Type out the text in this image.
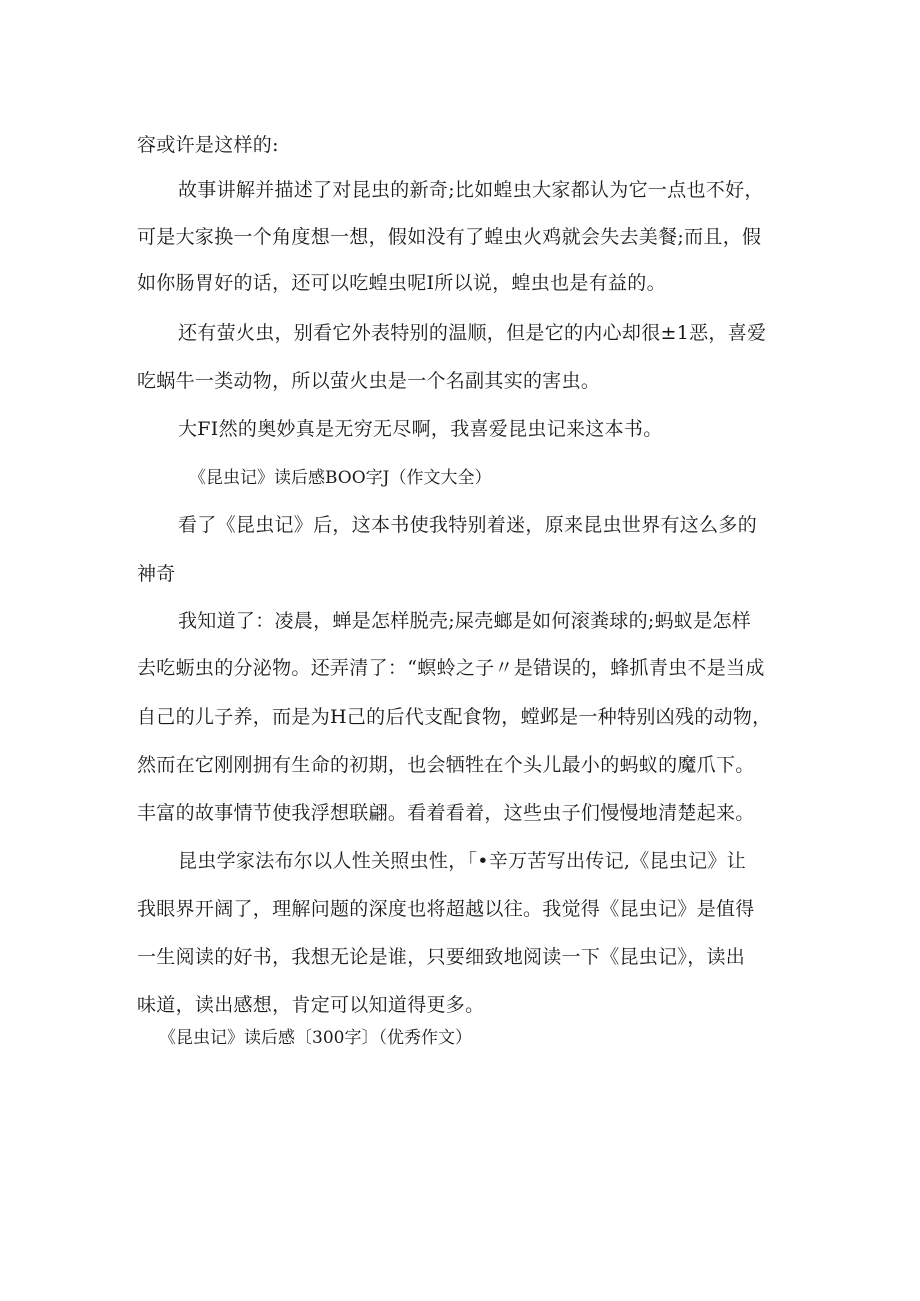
容或许是这样的:
故事讲解并描述了对昆虫的新奇;比如蝗虫大家都认为它一点也不好，
可是大家换一个角度想一想，假如没有了蝗虫火鸡就会失去美餐;而且，假
如你肠胃好的话，还可以吃蝗虫呢I所以说，蝗虫也是有益的。
还有萤火虫，别看它外表特别的温顺，但是它的内心却很±1恶，喜爱
吃蜗牛一类动物，所以萤火虫是一个名副其实的害虫。
大FI然的奥妙真是无穷无尽啊，我喜爱昆虫记来这本书。
《昆虫记》读后感BOO字J（作文大全）
看了《昆虫记》后，这本书使我特别着迷，原来昆虫世界有这么多的
神奇
我知道了：凌晨，蝉是怎样脱壳;屎壳螂是如何滚粪球的;蚂蚁是怎样
去吃蛎虫的分泌物。还弄清了：“螟蛉之子〃是错误的，蜂抓青虫不是当成
自己的儿子养，而是为H己的后代支配食物，螳邺是一种特别凶残的动物，
然而在它刚刚拥有生命的初期，也会牺牲在个头儿最小的蚂蚁的魔爪下。
丰富的故事情节使我浮想联翩。看着看着，这些虫子们慢慢地清楚起来。
昆虫学家法布尔以人性关照虫性，「•辛万苦写出传记,《昆虫记》让
我眼界开阔了，理解问题的深度也将超越以往。我觉得《昆虫记》是值得
一生阅读的好书，我想无论是谁，只要细致地阅读一下《昆虫记》，读出
味道，读出感想，肯定可以知道得更多。
《昆虫记》读后感〔300字〕（优秀作文）
